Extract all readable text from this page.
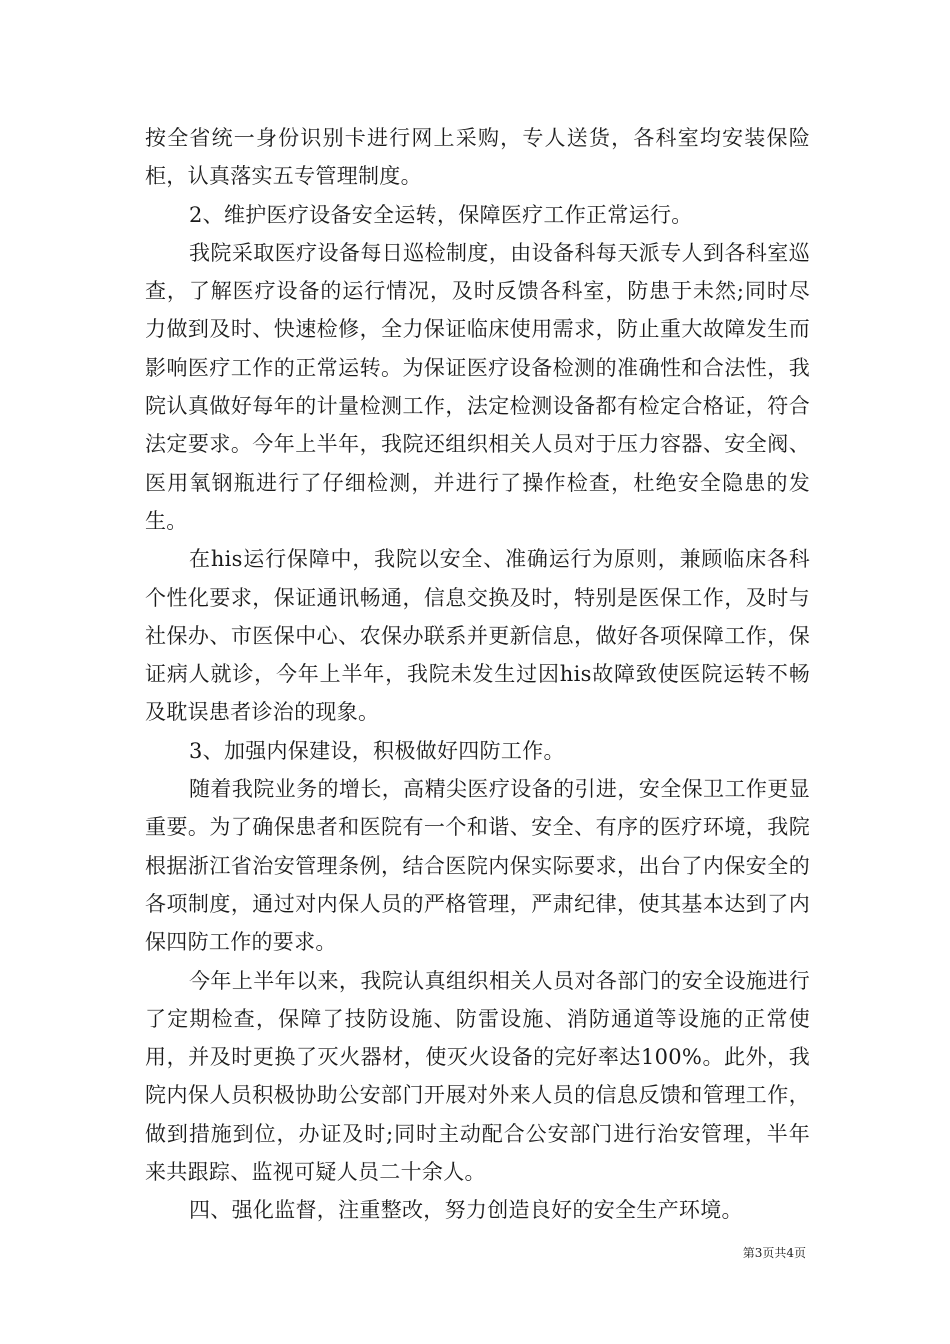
按全省统一身份识别卡进行网上采购，专人送货，各科室均安装保险柜，认真落实五专管理制度。

2、维护医疗设备安全运转，保障医疗工作正常运行。

我院采取医疗设备每日巡检制度，由设备科每天派专人到各科室巡查，了解医疗设备的运行情况，及时反馈各科室，防患于未然;同时尽力做到及时、快速检修，全力保证临床使用需求，防止重大故障发生而影响医疗工作的正常运转。为保证医疗设备检测的准确性和合法性，我院认真做好每年的计量检测工作，法定检测设备都有检定合格证，符合法定要求。今年上半年，我院还组织相关人员对于压力容器、安全阀、医用氧钢瓶进行了仔细检测，并进行了操作检查，杜绝安全隐患的发生。

在his运行保障中，我院以安全、准确运行为原则，兼顾临床各科个性化要求，保证通讯畅通，信息交换及时，特别是医保工作，及时与社保办、市医保中心、农保办联系并更新信息，做好各项保障工作，保证病人就诊，今年上半年，我院未发生过因his故障致使医院运转不畅及耽误患者诊治的现象。

3、加强内保建设，积极做好四防工作。

随着我院业务的增长，高精尖医疗设备的引进，安全保卫工作更显重要。为了确保患者和医院有一个和谐、安全、有序的医疗环境，我院根据浙江省治安管理条例，结合医院内保实际要求，出台了内保安全的各项制度，通过对内保人员的严格管理，严肃纪律，使其基本达到了内保四防工作的要求。

今年上半年以来，我院认真组织相关人员对各部门的安全设施进行了定期检查，保障了技防设施、防雷设施、消防通道等设施的正常使用，并及时更换了灭火器材，使灭火设备的完好率达100%。此外，我院内保人员积极协助公安部门开展对外来人员的信息反馈和管理工作，做到措施到位，办证及时;同时主动配合公安部门进行治安管理，半年来共跟踪、监视可疑人员二十余人。

四、强化监督，注重整改，努力创造良好的安全生产环境。

第3页共4页
